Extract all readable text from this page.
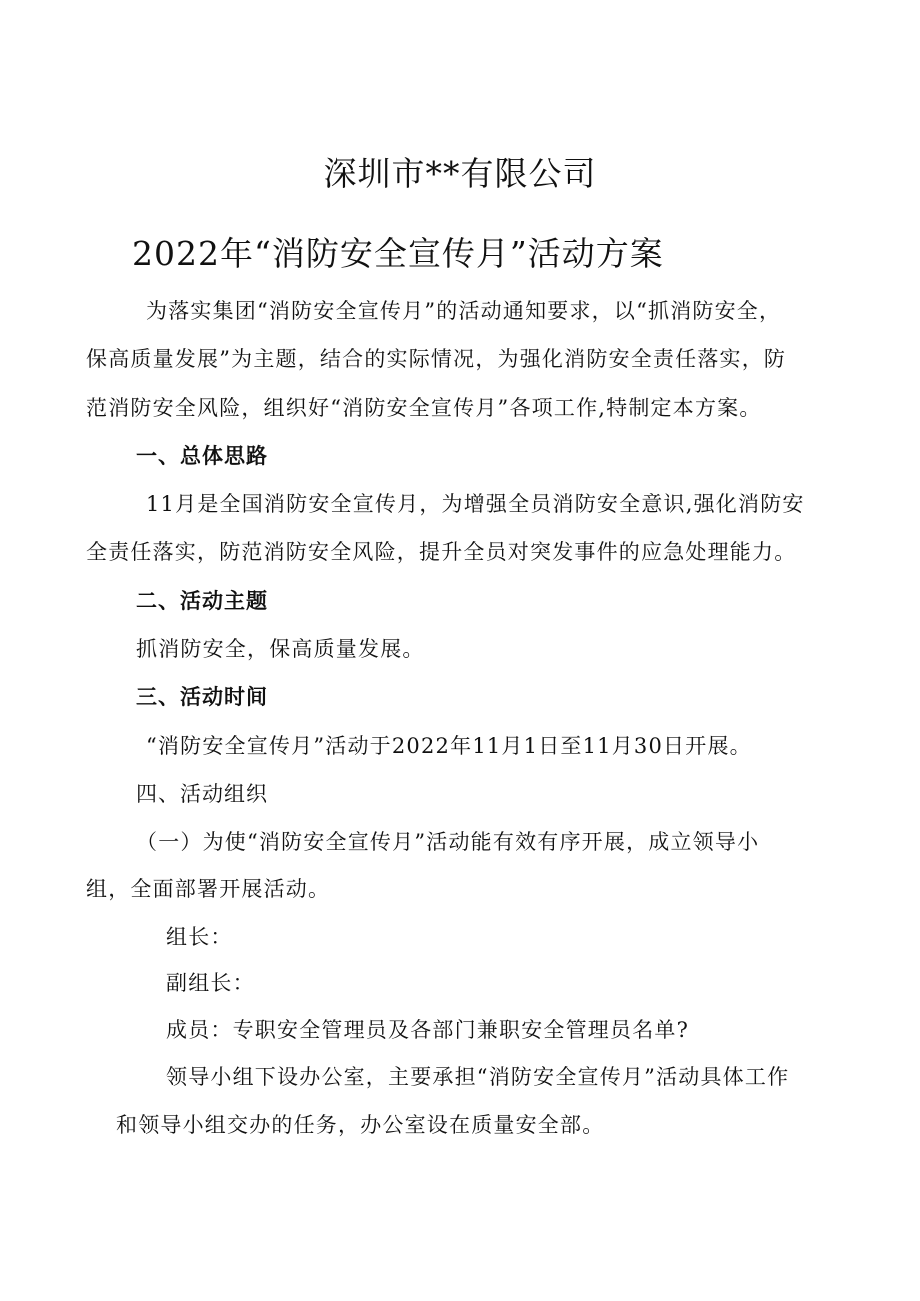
深圳市**有限公司
2022年“消防安全宣传月”活动方案
为落实集团“消防安全宣传月”的活动通知要求，以“抓消防安全，
保高质量发展”为主题，结合的实际情况，为强化消防安全责任落实，防
范消防安全风险，组织好“消防安全宣传月”各项工作,特制定本方案。
一、总体思路
11月是全国消防安全宣传月，为增强全员消防安全意识,强化消防安
全责任落实，防范消防安全风险，提升全员对突发事件的应急处理能力。
二、活动主题
抓消防安全，保高质量发展。
三、活动时间
“消防安全宣传月”活动于2022年11月1日至11月30日开展。
四、活动组织
（一）为使“消防安全宣传月”活动能有效有序开展，成立领导小
组，全面部署开展活动。
组长：
副组长：
成员：专职安全管理员及各部门兼职安全管理员名单?
领导小组下设办公室，主要承担“消防安全宣传月”活动具体工作
和领导小组交办的任务，办公室设在质量安全部。
